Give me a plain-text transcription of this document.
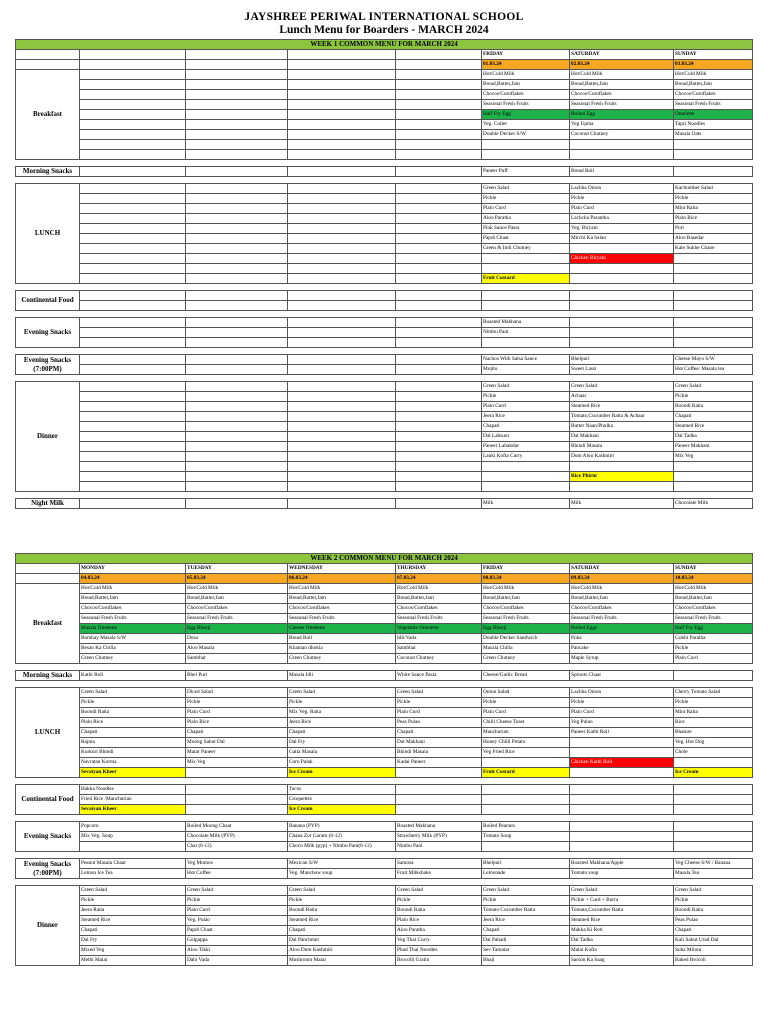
JAYSHREE PERIWAL INTERNATIONAL SCHOOL
Lunch Menu for Boarders - MARCH 2024
WEEK 1 COMMON MENU FOR MARCH 2024							
					FRIDAY	SATURDAY	SUNDAY
					01.03.24	02.03.24	03.03.24
Breakfast					Hot/Cold Milk	Hot/Cold Milk	Hot/Cold Milk
					Bread,Butter,Jam	Bread,Butter,Jam	Bread,Butter,Jam
					Chocos/Cornflakes	Chocos/Cornflakes	Chocos/Cornflakes
					Seasonal Fresh Fruits	Seasonal Fresh Fruits	Seasonal Fresh Fruits
					Half Fry Egg	Boiled Egg	Omelette
					Veg. Cutlet	Veg Upma	Tapri Noodles
					Double Decker S/W	Coconut Chutney	Masala Oats

Morning Snacks					Paneer Puff	Bread Roll	

LUNCH					Green Salad	Lachha Onion	Kachumber Salad
					Pickle	Pickle	Pickle
					Plain Curd	Plain Curd	Mint Raita
					Aloo Paratha	Lachcha Parantha	Plain Rice
					Pink Sauce Pasta	Veg. Biryani	Puri
					Papdi Chaat	Mirchi Ka Salan	Aloo Rasedar
					Green & Imli Chutney		Kale Sukhe Chane
						Chicken Biryani	

					Fruit Custard		

Continental Food							

Evening Snacks					Roasted Makhana		
					Nimbu Pani		

Evening Snacks (7:00PM)					Nachos With Salsa Sauce	Bhelpuri	Cheese Mayo S/W
					Mojito	Sweet Lassi	Hot Coffee/ Masala tea

Dinner					Green Salad	Green Salad	Green Salad
					Pickle	Achaar	Pickle
					Plain Curd	Steamed Rice	Boondi Raita
					Jeera Rice	Tomato,Cucumber Raita & Achaar	Chapati
					Chapati	Butter Naan/Phulka	Steamed Rice
					Dal Lahsuni	Dal Makhani	Dal Tadka
					Paneer Lababdar	Bhindi Masala	Paneer Makhani
					Lauki Kofta Curry	Dum Aloo Kashmiri	Mix Veg

						Rice Phirni	

Night Milk					Milk	Milk	Chocolate Milk
WEEK 2 COMMON MENU FOR MARCH 2024							
	MONDAY	TUESDAY	WEDNESDAY	THURSDAY	FRIDAY	SATURDAY	SUNDAY
	04.03.24	05.03.24	06.03.24	07.03.24	08.03.24	09.03.24	10.03.24
Breakfast	Hot/Cold Milk	Hot/Cold Milk	Hot/Cold Milk	Hot/Cold Milk	Hot/Cold Milk	Hot/Cold Milk	Hot/Cold Milk
	Bread,Butter,Jam	Bread,Butter,Jam	Bread,Butter,Jam	Bread,Butter,Jam	Bread,Butter,Jam	Bread,Butter,Jam	Bread,Butter,Jam
	Chocos/Cornflakes	Chocos/Cornflakes	Chocos/Cornflakes	Chocos/Cornflakes	Chocos/Cornflakes	Chocos/Cornflakes	Chocos/Cornflakes
	Seasonal Fresh Fruits	Seasonal Fresh Fruits	Seasonal Fresh Fruits	Seasonal Fresh Fruits	Seasonal Fresh Fruits	Seasonal Fresh Fruits	Seasonal Fresh Fruits
	Masala Omelette	Egg Bhurji	Cheese Omelette	Vegetable Omelette	Egg Bhurji	Boiled Eggs	Half Fry Egg
	Bombay Masala S/W	Dosa	Bread Roll	Idli/Vada	Double Decker Sandwich	Poha	Gobhi Paratha
	Besan Ka Chilla	Aloo Masala	Khaman dhokla	Sambhar	Masala Chilla	Pancake	Pickle
	Green Chutney	Sambhar	Green Chutney	Coconut Chutney	Green Chutney	Maple Syrup	Plain Curd

Morning Snacks	Kathi Roll	Bhel Puri	Masala Idli	White Sauce Pasta	Cheese/Garlic Bread	Sprouts Chaat	

LUNCH	Green Salad	Diced Salad	Green Salad	Green Salad	Onion Salad	Lachha Onion	Cherry Tomato Salad
	Pickle	Pickle	Pickle	Pickle	Pickle	Pickle	Pickle
	Boondi Raita	Plain Curd	Mix Veg. Raita	Plain Curd	Plain Curd	Plain Curd	Mint Raita
	Plain Rice	Plain Rice	Jeera Rice	Peas Pulao	Chilli Cheese Toast	Veg Pulao	Rice
	Chapati	Chapati	Chapati	Chapati	Manchurian	Paneer Kathi Roll	Bhature
	Rajma	Moong Sabut Dal	Dal Fry	Dal Makhani	Honey Chilli Potato		Veg. Hot Dog
	Kurkuri Bhindi	Matar Paneer	Gatta Masala	Bhindi Masala	Veg Fried Rice		Chole
	Navratan Korma	Mix Veg	Corn Palak	Kadai Paneer		Chicken Kathi Roll	
	Sevaiyan Kheer		Ice Cream		Fruit Custard		Ice Cream

Continental Food	Hakka Noodles		Tacos				
	Fried Rice /Manchurian		Croquettes				
	Sevaiyan Kheer		Ice Cream				

Evening Snacks	Popcorn	Boiled Moong Chaat	Banana (PYP)	Roasted Makhana	Boiled Peanuts		
	Mix Veg. Soup	Chocolate Milk (PYP)	Chana Zor Garam (6-12)	Strawberry Milk (PYP)	Tomato Soup		
		Chai (6-12)	Choco Milk (pyp) + Nimbu Pani(6-12)	Nimbu Pani			

Evening Snacks (7:00PM)	Peanut Masala Chaat	Veg Momos	Mexican S/W	Samosa	Bhelpuri	Roasted Makhana/Apple	Veg Cheese S/W / Banana
	Lemon Ice Tea	Hot Coffee	Veg. Manchow soup	Fruit Milkshake	Lemonade	Tomato soup	Masala Tea

Dinner	Green Salad	Green Salad	Green Salad	Green Salad	Green Salad	Green Salad	Green Salad
	Pickle	Pickle	Pickle	Pickle	Pickle	Pickle + Curd + Burra	Pickle
	Jeera Raita	Plain Curd	Boondi Raita	Boondi Raita	Tomato Cucumber Raita	Tomato,Cucumber Raita	Boondi Raita
	Steamed Rice	Veg. Pulao	Steamed Rice	Plain Rice	Jeera Rice	Steamed Rice	Peas Pulao
	Chapati	Papdi Chaat	Chapati	Aloo Paratha	Chapati	Makka Ki Roti	Chapati
	Dal Fry	Golgappa	Dal Panchmel	Veg Thai Curry	Dal Pahadi	Dal Tadka	Kali Sabut Urad Dal
	Mixed Veg	Aloo Tikki	Aloo Dum Kashmiri	Phad Thai Noodles	Sev Tamatar	Malai Kofta	Subz Miloni
	Methi Malai	Dahi Vada	Mushroom Matar	Brocolli Gratin	Bhaji	Sarson Ka Saag	Baked Brocoli
